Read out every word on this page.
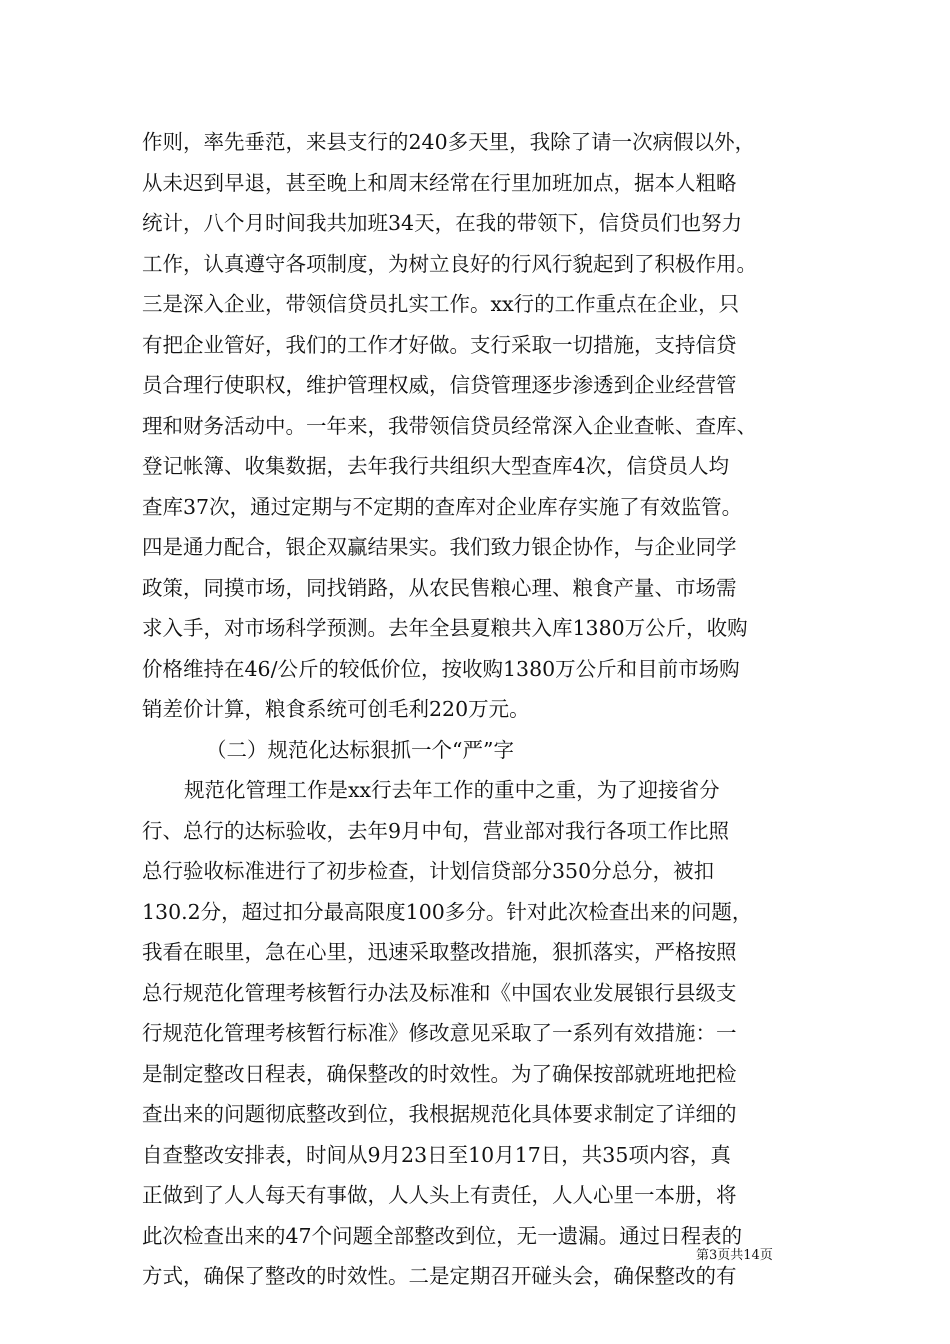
作则，率先垂范，来县支行的240多天里，我除了请一次病假以外，
从未迟到早退，甚至晚上和周末经常在行里加班加点，据本人粗略
统计，八个月时间我共加班34天，在我的带领下，信贷员们也努力
工作，认真遵守各项制度，为树立良好的行风行貌起到了积极作用。
三是深入企业，带领信贷员扎实工作。xx行的工作重点在企业，只
有把企业管好，我们的工作才好做。支行采取一切措施，支持信贷
员合理行使职权，维护管理权威，信贷管理逐步渗透到企业经营管
理和财务活动中。一年来，我带领信贷员经常深入企业查帐、查库、
登记帐簿、收集数据，去年我行共组织大型查库4次，信贷员人均
查库37次，通过定期与不定期的查库对企业库存实施了有效监管。
四是通力配合，银企双赢结果实。我们致力银企协作，与企业同学
政策，同摸市场，同找销路，从农民售粮心理、粮食产量、市场需
求入手，对市场科学预测。去年全县夏粮共入库1380万公斤，收购
价格维持在46/公斤的较低价位，按收购1380万公斤和目前市场购
销差价计算，粮食系统可创毛利220万元。
（二）规范化达标狠抓一个“严”字
规范化管理工作是xx行去年工作的重中之重，为了迎接省分
行、总行的达标验收，去年9月中旬，营业部对我行各项工作比照
总行验收标准进行了初步检查，计划信贷部分350分总分，被扣
130.2分，超过扣分最高限度100多分。针对此次检查出来的问题，
我看在眼里，急在心里，迅速采取整改措施，狠抓落实，严格按照
总行规范化管理考核暂行办法及标准和《中国农业发展银行县级支
行规范化管理考核暂行标准》修改意见采取了一系列有效措施：一
是制定整改日程表，确保整改的时效性。为了确保按部就班地把检
查出来的问题彻底整改到位，我根据规范化具体要求制定了详细的
自查整改安排表，时间从9月23日至10月17日，共35项内容，真
正做到了人人每天有事做，人人头上有责任，人人心里一本册，将
此次检查出来的47个问题全部整改到位，无一遗漏。通过日程表的
方式，确保了整改的时效性。二是定期召开碰头会，确保整改的有
第3页共14页
